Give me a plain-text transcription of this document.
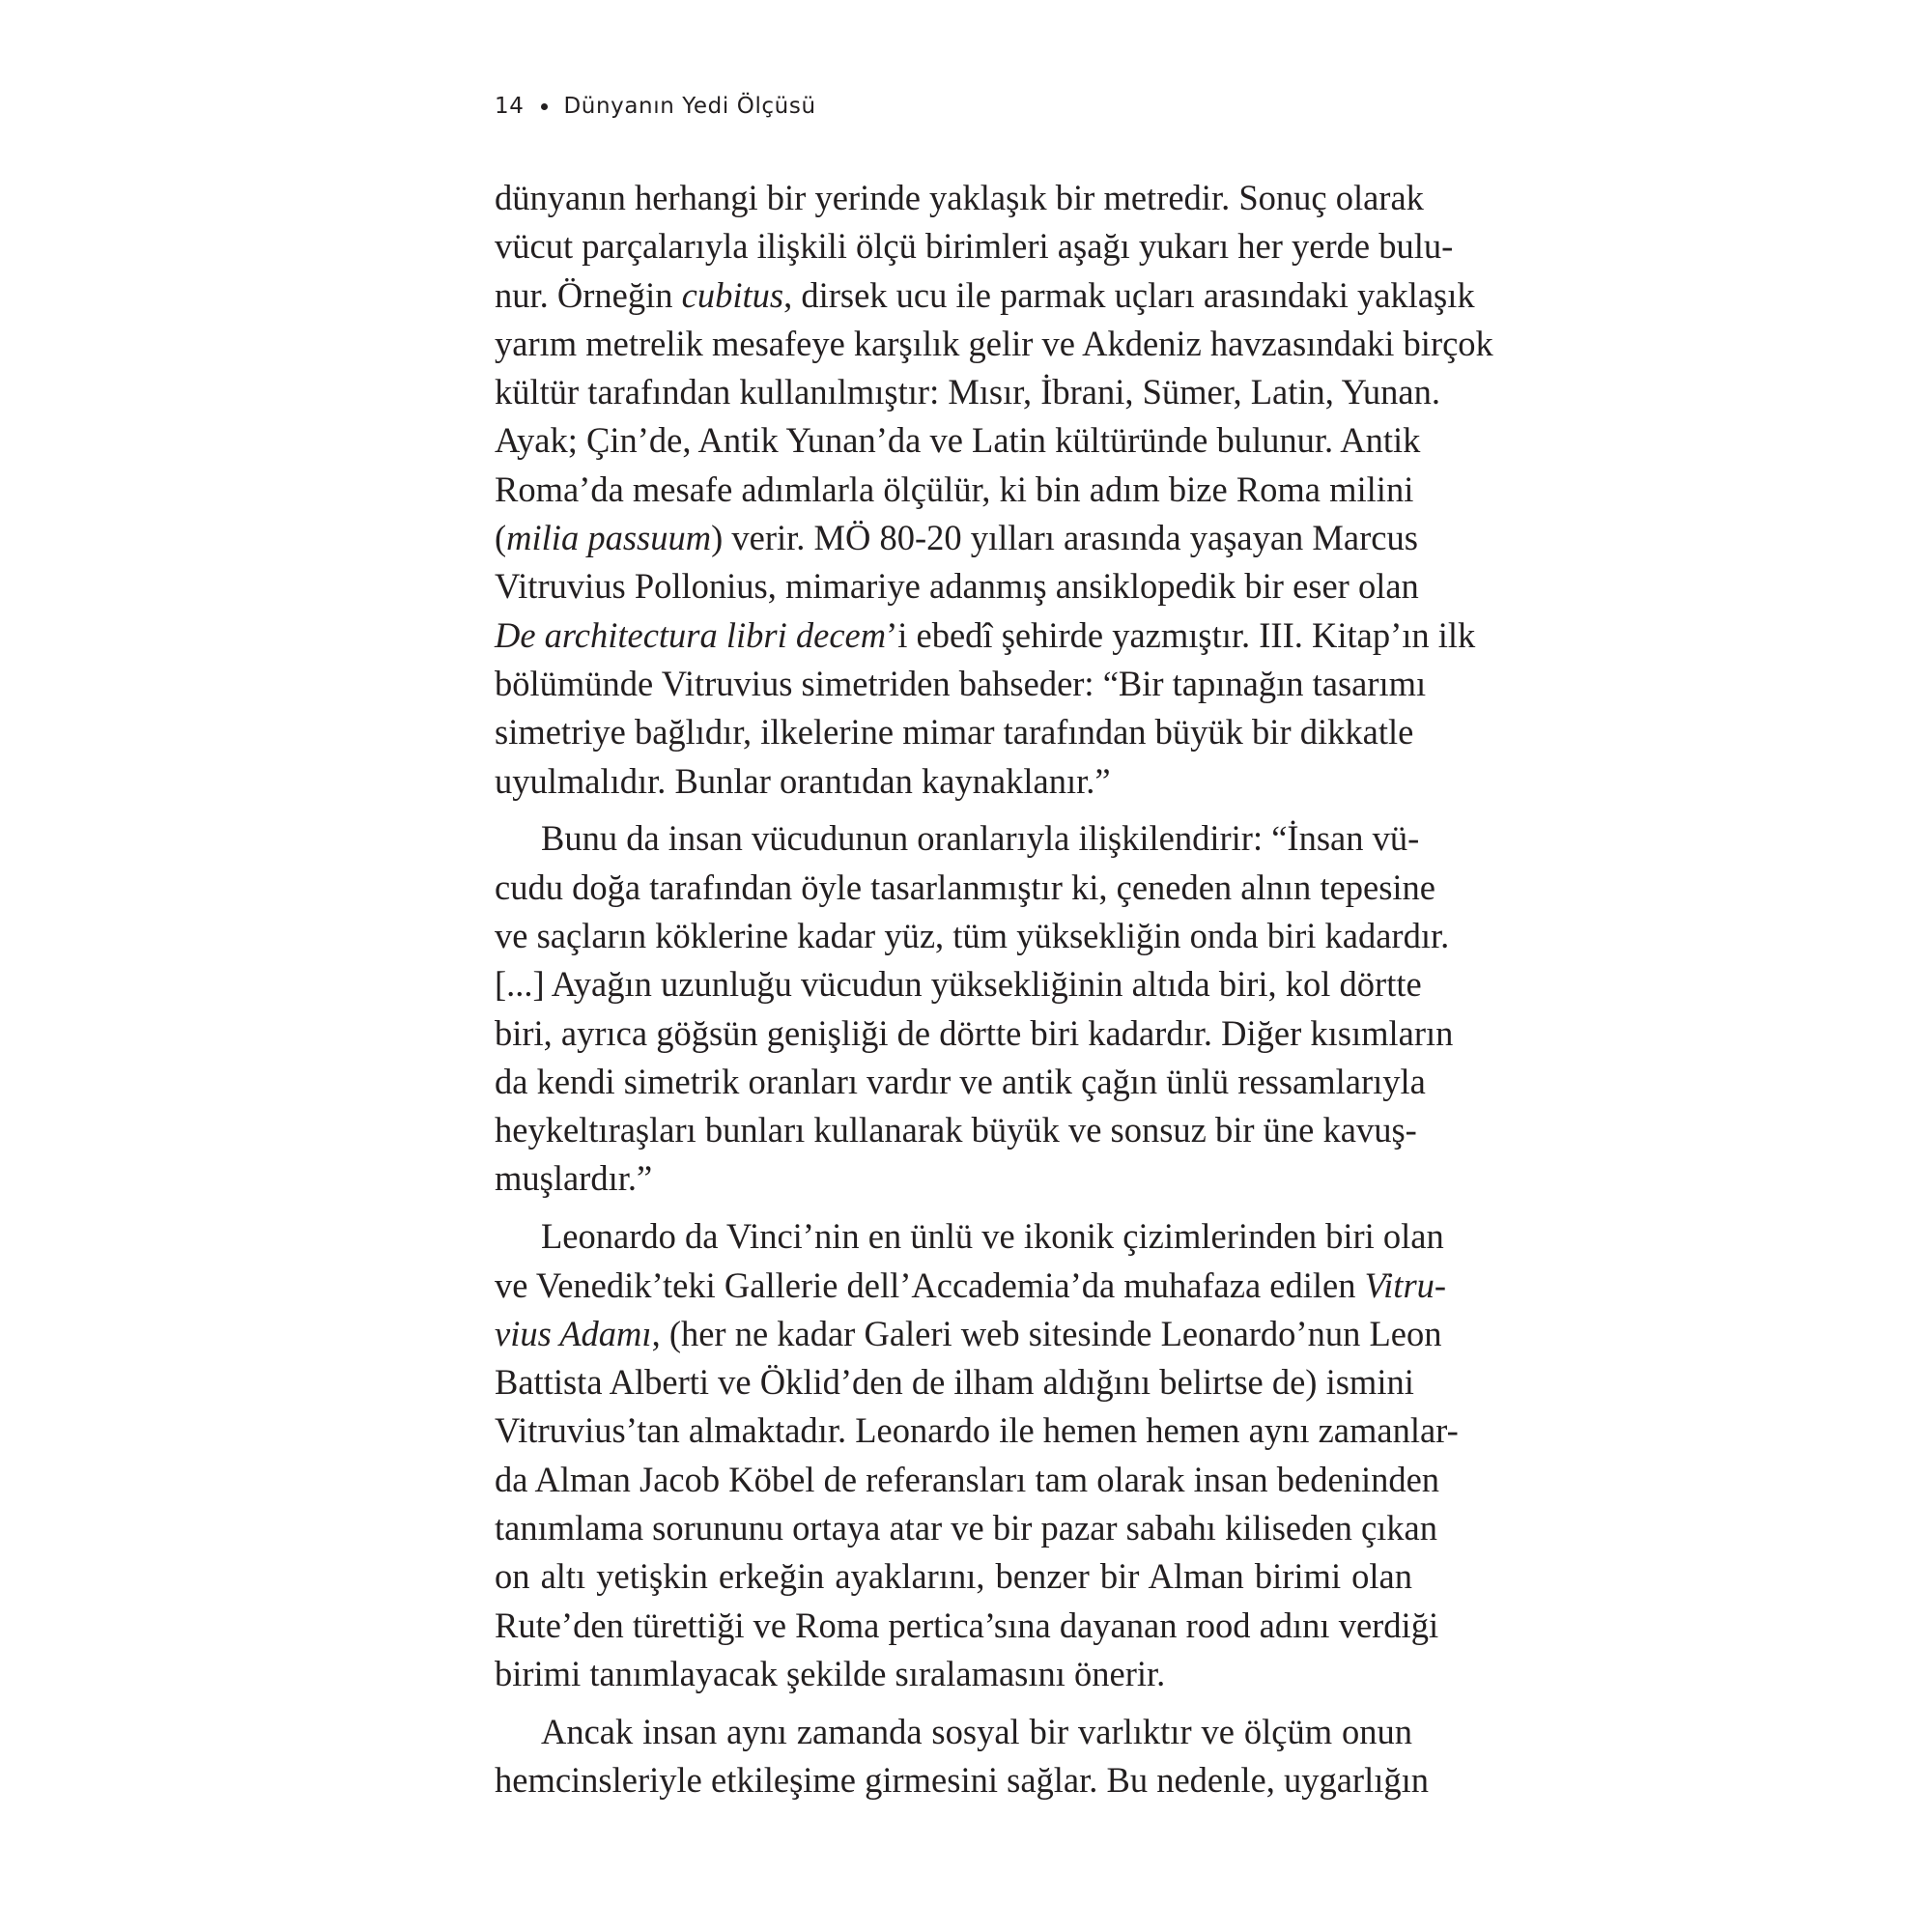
14 Dünyanın Yedi Ölçüsü
dünyanın herhangi bir yerinde yaklaşık bir metredir. Sonuç olarak
vücut parçalarıyla ilişkili ölçü birimleri aşağı yukarı her yerde bulu-
nur. Örneğin cubitus, dirsek ucu ile parmak uçları arasındaki yaklaşık
yarım metrelik mesafeye karşılık gelir ve Akdeniz havzasındaki birçok
kültür tarafından kullanılmıştır: Mısır, İbrani, Sümer, Latin, Yunan.
Ayak; Çin’de, Antik Yunan’da ve Latin kültüründe bulunur. Antik
Roma’da mesafe adımlarla ölçülür, ki bin adım bize Roma milini
(milia passuum) verir. MÖ 80-20 yılları arasında yaşayan Marcus
Vitruvius Pollonius, mimariye adanmış ansiklopedik bir eser olan
De architectura libri decem’i ebedî şehirde yazmıştır. III. Kitap’ın ilk
bölümünde Vitruvius simetriden bahseder: “Bir tapınağın tasarımı
simetriye bağlıdır, ilkelerine mimar tarafından büyük bir dikkatle
uyulmalıdır. Bunlar orantıdan kaynaklanır.”
Bunu da insan vücudunun oranlarıyla ilişkilendirir: “İnsan vü-
cudu doğa tarafından öyle tasarlanmıştır ki, çeneden alnın tepesine
ve saçların köklerine kadar yüz, tüm yüksekliğin onda biri kadardır.
[...] Ayağın uzunluğu vücudun yüksekliğinin altıda biri, kol dörtte
biri, ayrıca göğsün genişliği de dörtte biri kadardır. Diğer kısımların
da kendi simetrik oranları vardır ve antik çağın ünlü ressamlarıyla
heykeltıraşları bunları kullanarak büyük ve sonsuz bir üne kavuş-
muşlardır.”
Leonardo da Vinci’nin en ünlü ve ikonik çizimlerinden biri olan
ve Venedik’teki Gallerie dell’Accademia’da muhafaza edilen Vitru-
vius Adamı, (her ne kadar Galeri web sitesinde Leonardo’nun Leon
Battista Alberti ve Öklid’den de ilham aldığını belirtse de) ismini
Vitruvius’tan almaktadır. Leonardo ile hemen hemen aynı zamanlar-
da Alman Jacob Köbel de referansları tam olarak insan bedeninden
tanımlama sorununu ortaya atar ve bir pazar sabahı kiliseden çıkan
on altı yetişkin erkeğin ayaklarını, benzer bir Alman birimi olan
Rute’den türettiği ve Roma pertica’sına dayanan rood adını verdiği
birimi tanımlayacak şekilde sıralamasını önerir.
Ancak insan aynı zamanda sosyal bir varlıktır ve ölçüm onun
hemcinsleriyle etkileşime girmesini sağlar. Bu nedenle, uygarlığın
